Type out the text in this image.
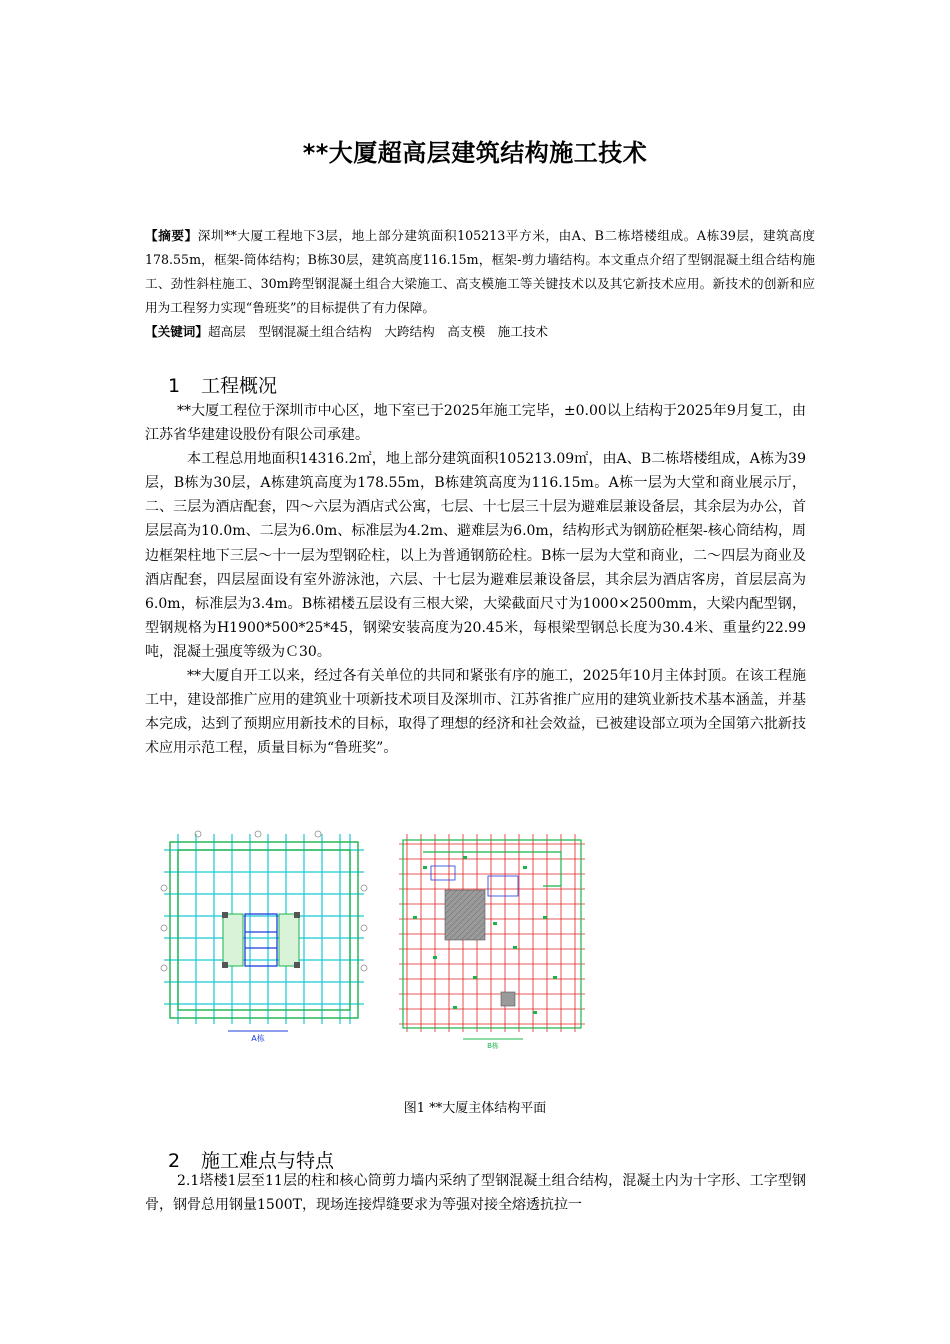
**大厦超高层建筑结构施工技术

【摘要】深圳**大厦工程地下3层，地上部分建筑面积105213平方米，由A、B二栋塔楼组成。A栋39层，建筑高度178.55m，框架-筒体结构；B栋30层，建筑高度116.15m，框架-剪力墙结构。本文重点介绍了型钢混凝土组合结构施工、劲性斜柱施工、30m跨型钢混凝土组合大梁施工、高支模施工等关键技术以及其它新技术应用。新技术的创新和应用为工程努力实现“鲁班奖”的目标提供了有力保障。

【关键词】超高层　型钢混凝土组合结构　大跨结构　高支模　施工技术

1 工程概况

**大厦工程位于深圳市中心区，地下室已于2025年施工完毕，±0.00以上结构于2025年9月复工，由江苏省华建建设股份有限公司承建。

本工程总用地面积14316.2㎡，地上部分建筑面积105213.09㎡，由A、B二栋塔楼组成，A栋为39层，B栋为30层，A栋建筑高度为178.55m，B栋建筑高度为116.15m。A栋一层为大堂和商业展示厅，二、三层为酒店配套，四～六层为酒店式公寓，七层、十七层三十层为避难层兼设备层，其余层为办公，首层层高为10.0m、二层为6.0m、标准层为4.2m、避难层为6.0m，结构形式为钢筋砼框架-核心筒结构，周边框架柱地下三层～十一层为型钢砼柱，以上为普通钢筋砼柱。B栋一层为大堂和商业，二～四层为商业及酒店配套，四层屋面设有室外游泳池，六层、十七层为避难层兼设备层，其余层为酒店客房，首层层高为6.0m，标准层为3.4m。B栋裙楼五层设有三根大梁，大梁截面尺寸为1000×2500mm，大梁内配型钢，型钢规格为H1900*500*25*45，钢梁安装高度为20.45米，每根梁型钢总长度为30.4米、重量约22.99吨，混凝土强度等级为Ｃ30。

**大厦自开工以来，经过各有关单位的共同和紧张有序的施工，2025年10月主体封顶。在该工程施工中，建设部推广应用的建筑业十项新技术项目及深圳市、江苏省推广应用的建筑业新技术基本涵盖，并基本完成，达到了预期应用新技术的目标，取得了理想的经济和社会效益，已被建设部立项为全国第六批新技术应用示范工程，质量目标为“鲁班奖”。

A栋
B栋
图1 **大厦主体结构平面
2 施工难点与特点

2.1塔楼1层至11层的柱和核心筒剪力墙内采纳了型钢混凝土组合结构，混凝土内为十字形、工字型钢骨，钢骨总用钢量1500T，现场连接焊缝要求为等强对接全熔透抗拉一
